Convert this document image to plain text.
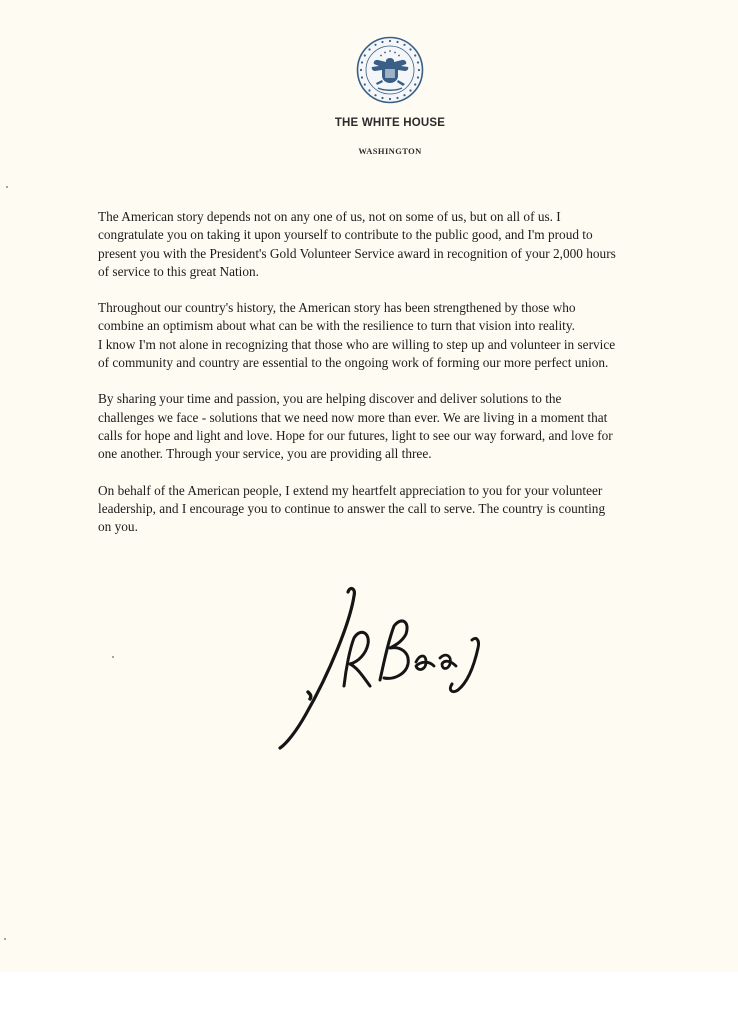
THE WHITE HOUSE
WASHINGTON

The American story depends not on any one of us, not on some of us, but on all of us. I
congratulate you on taking it upon yourself to contribute to the public good, and I'm proud to
present you with the President's Gold Volunteer Service award in recognition of your 2,000 hours
of service to this great Nation.

Throughout our country's history, the American story has been strengthened by those who
combine an optimism about what can be with the resilience to turn that vision into reality.
I know I'm not alone in recognizing that those who are willing to step up and volunteer in service
of community and country are essential to the ongoing work of forming our more perfect union.

By sharing your time and passion, you are helping discover and deliver solutions to the
challenges we face - solutions that we need now more than ever. We are living in a moment that
calls for hope and light and love. Hope for our futures, light to see our way forward, and love for
one another. Through your service, you are providing all three.

On behalf of the American people, I extend my heartfelt appreciation to you for your volunteer
leadership, and I encourage you to continue to answer the call to serve. The country is counting
on you.
